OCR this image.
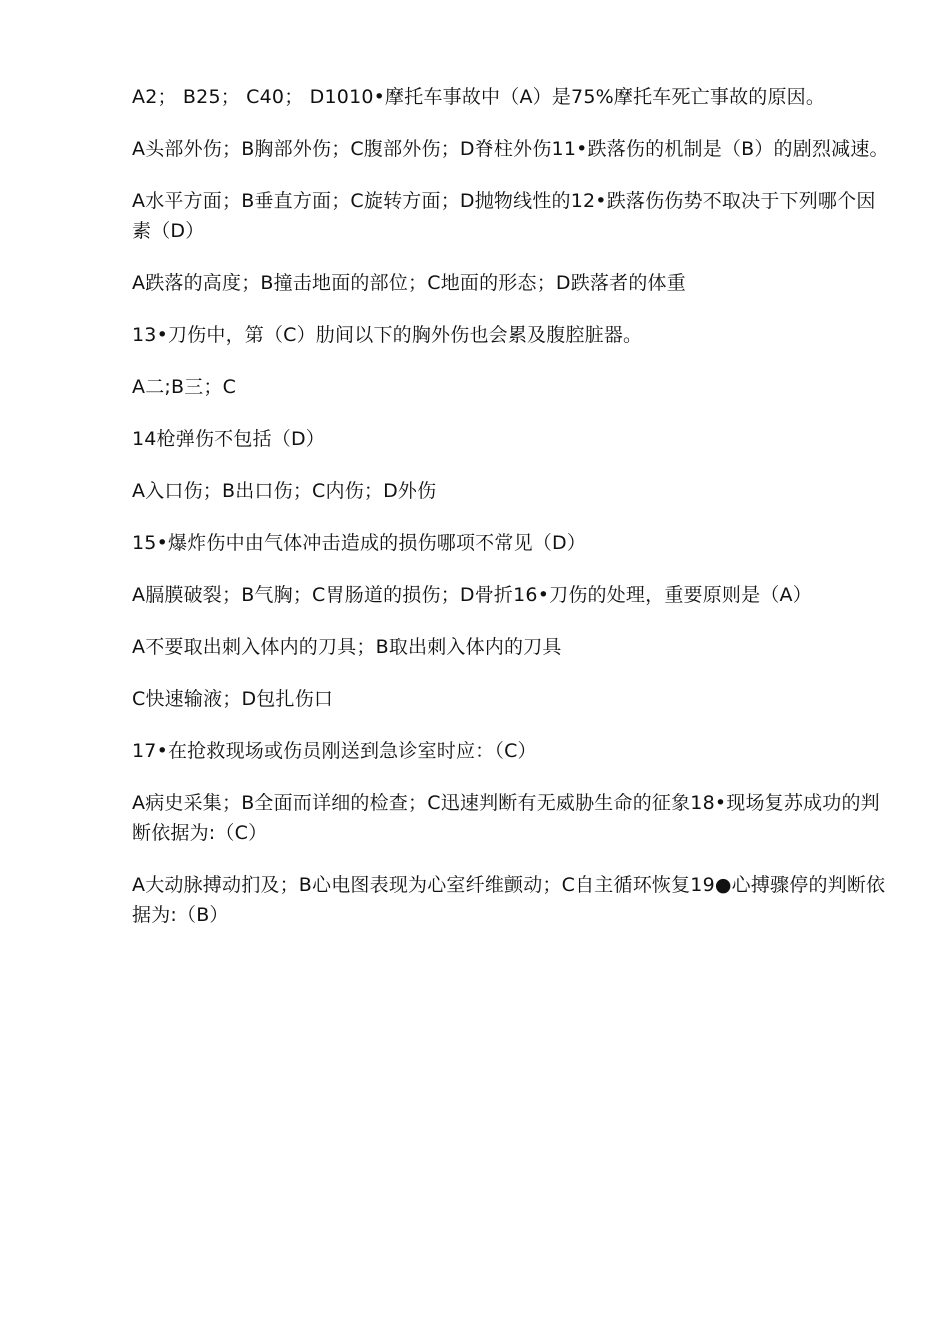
A2； B25； C40； D1010•摩托车事故中（A）是75%摩托车死亡事故的原因。

A头部外伤；B胸部外伤；C腹部外伤；D脊柱外伤11•跌落伤的机制是（B）的剧烈减速。

A水平方面；B垂直方面；C旋转方面；D抛物线性的12•跌落伤伤势不取决于下列哪个因素（D）

A跌落的高度；B撞击地面的部位；C地面的形态；D跌落者的体重

13•刀伤中，第（C）肋间以下的胸外伤也会累及腹腔脏器。

A二;B三；C

14枪弹伤不包括（D）

A入口伤；B出口伤；C内伤；D外伤

15•爆炸伤中由气体冲击造成的损伤哪项不常见（D）

A膈膜破裂；B气胸；C胃肠道的损伤；D骨折16•刀伤的处理，重要原则是（A）

A不要取出刺入体内的刀具；B取出刺入体内的刀具

C快速输液；D包扎伤口

17•在抢救现场或伤员刚送到急诊室时应：（C）

A病史采集；B全面而详细的检查；C迅速判断有无威胁生命的征象18•现场复苏成功的判断依据为:（C）

A大动脉搏动扪及；B心电图表现为心室纤维颤动；C自主循环恢复19●心搏骤停的判断依据为:（B）
